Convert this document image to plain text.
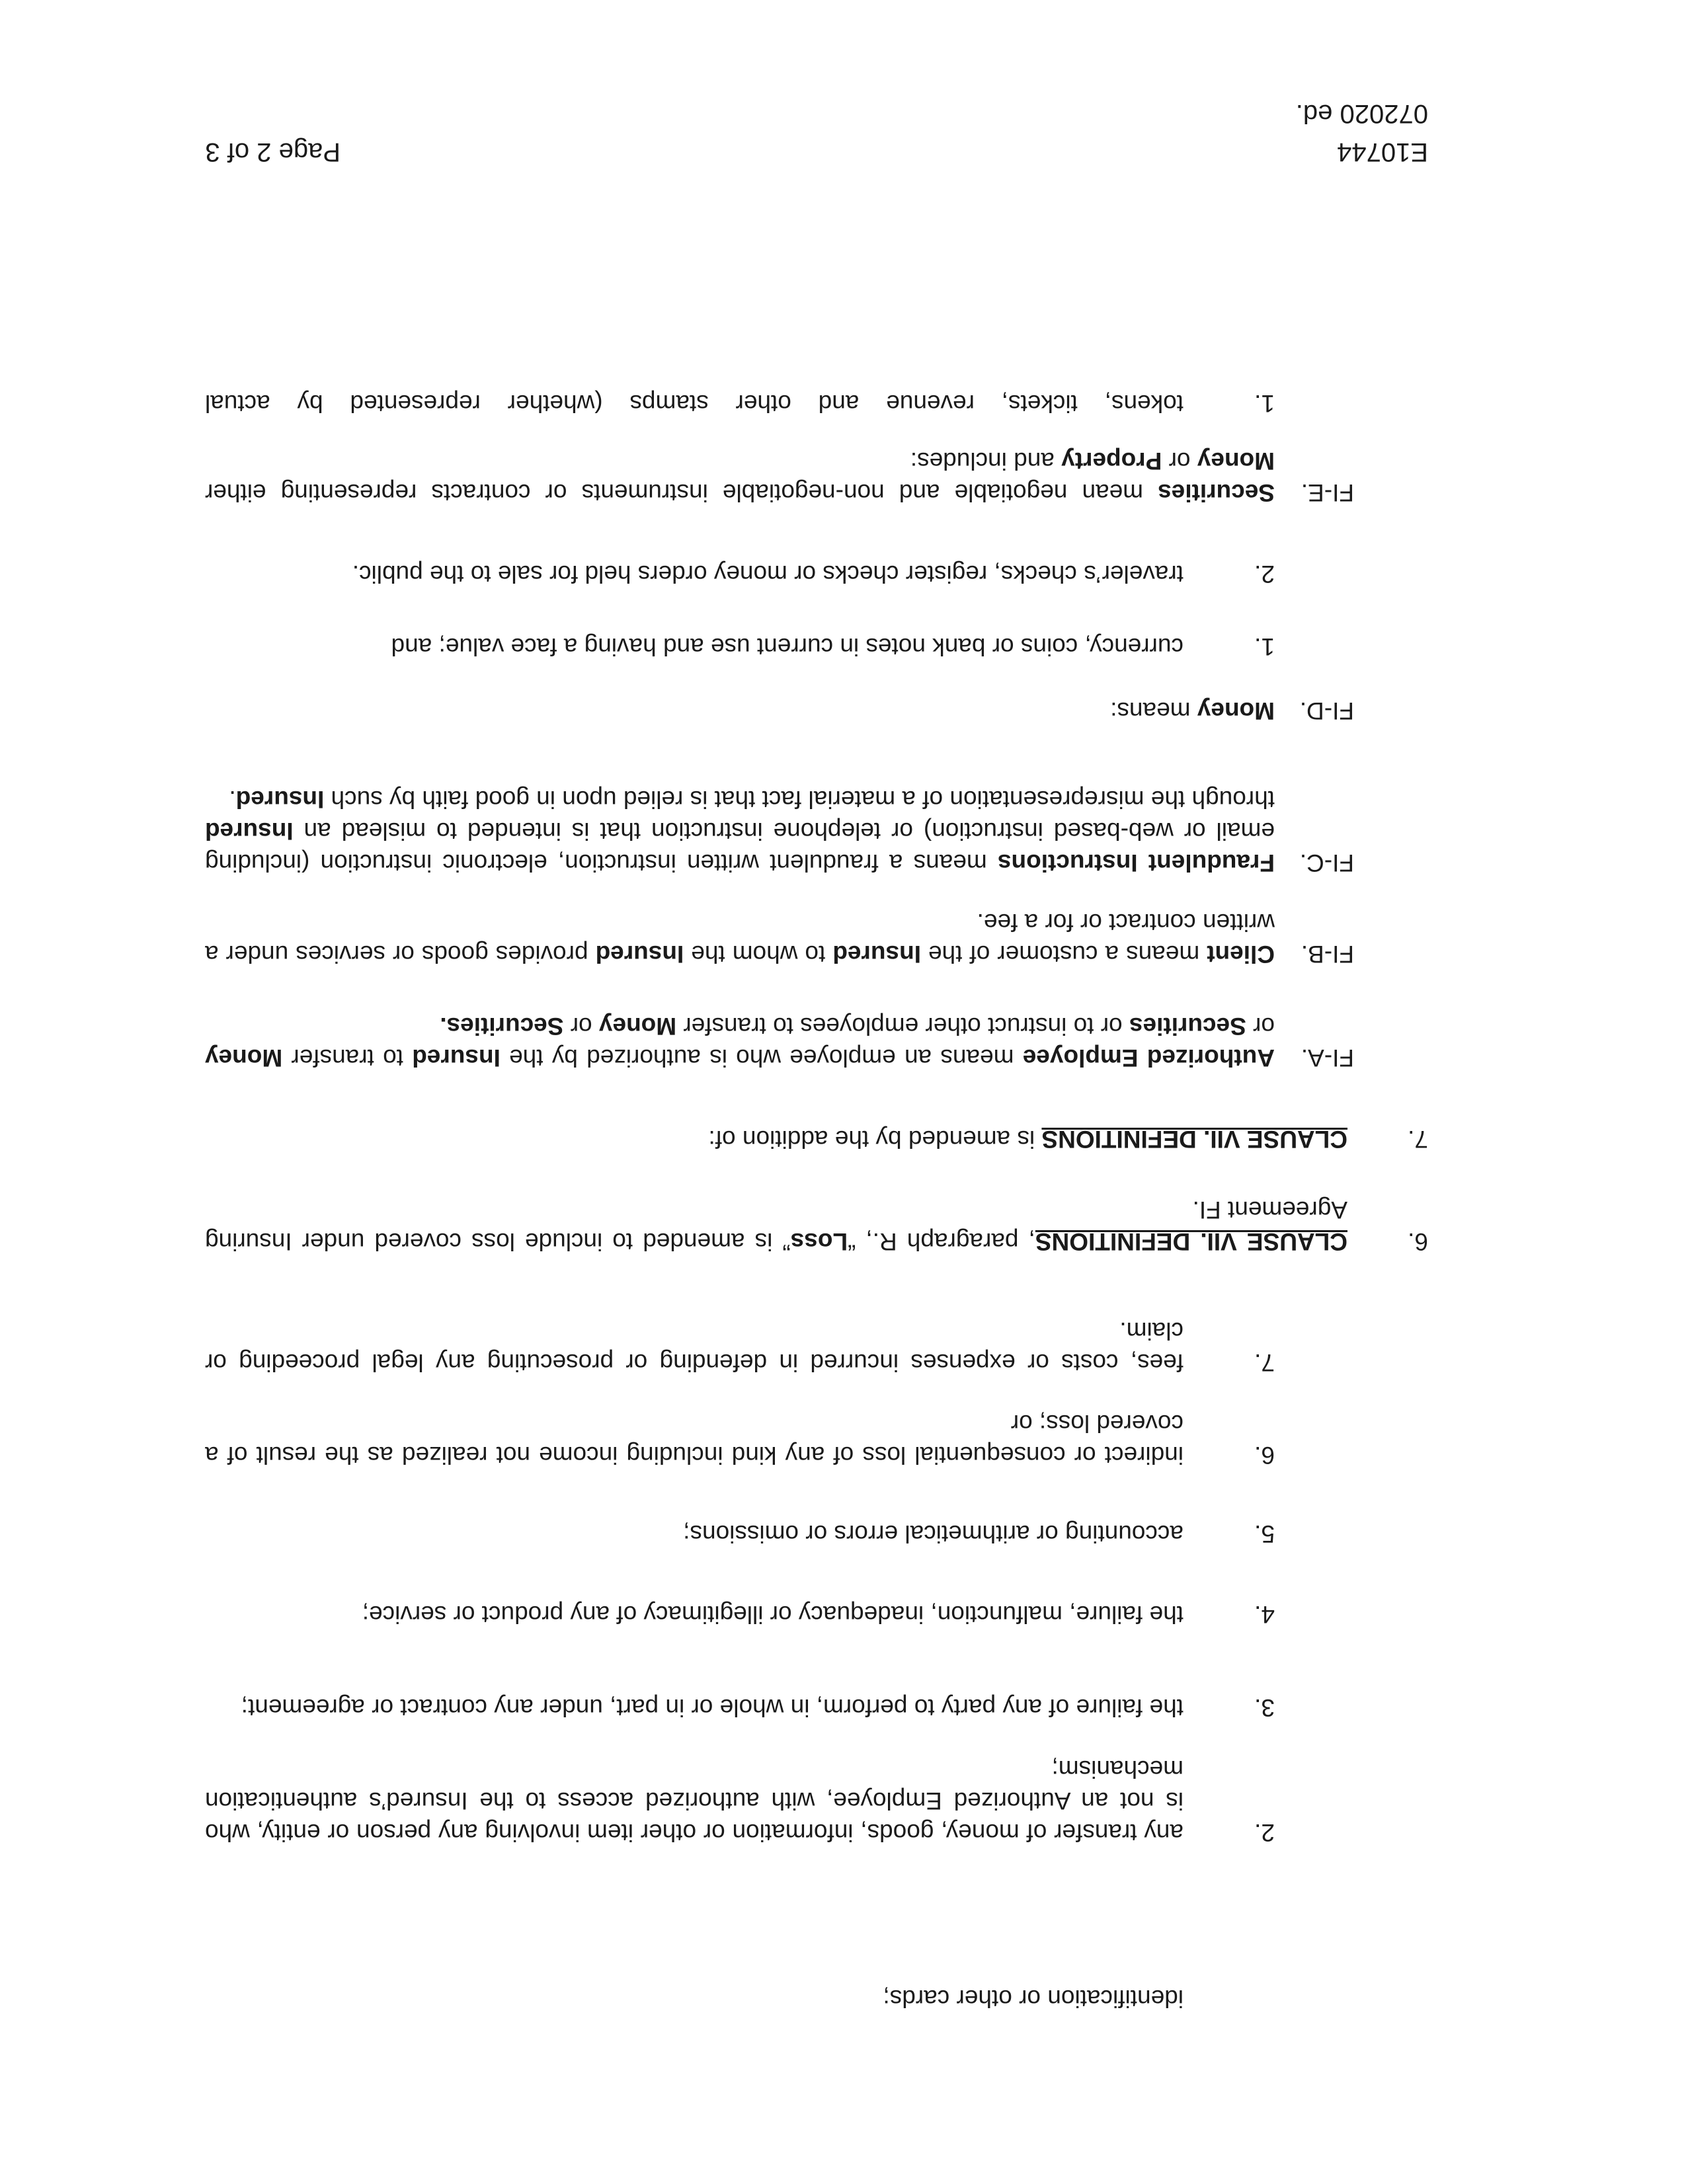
identification or other cards;

2.

any transfer of money, goods, information or other item involving any person or entity, who is not an Authorized Employee, with authorized access to the Insured’s authentication mechanism;

3.

the failure of any party to perform, in whole or in part, under any contract or agreement;

4.

the failure, malfunction, inadequacy or illegitimacy of any product or service;

5.

accounting or arithmetical errors or omissions;

6.

indirect or consequential loss of any kind including income not realized as the result of a covered loss; or

7.

fees, costs or expenses incurred in defending or prosecuting any legal proceeding or claim.

6.

CLAUSE VII. DEFINITIONS, paragraph R., “Loss” is amended to include loss covered under Insuring Agreement FI.

7.

CLAUSE VII. DEFINITIONS is amended by the addition of:

FI-A.

Authorized Employee means an employee who is authorized by the Insured to transfer Money or Securities or to instruct other employees to transfer Money or Securities.

FI-B.

Client means a customer of the Insured to whom the Insured provides goods or services under a written contract or for a fee.

FI-C.

Fraudulent Instructions means a fraudulent written instruction, electronic instruction (including email or web-based instruction) or telephone instruction that is intended to mislead an Insured through the misrepresentation of a material fact that is relied upon in good faith by such Insured.

FI-D.

Money means:

1.

currency, coins or bank notes in current use and having a face value; and

2.

traveler’s checks, register checks or money orders held for sale to the public.

FI-E.

Securities mean negotiable and non-negotiable instruments or contracts representing either Money or Property and includes:

1.

tokens, tickets, revenue and other stamps (whether represented by actual

E10744

072020 ed.

Page 2 of 3
